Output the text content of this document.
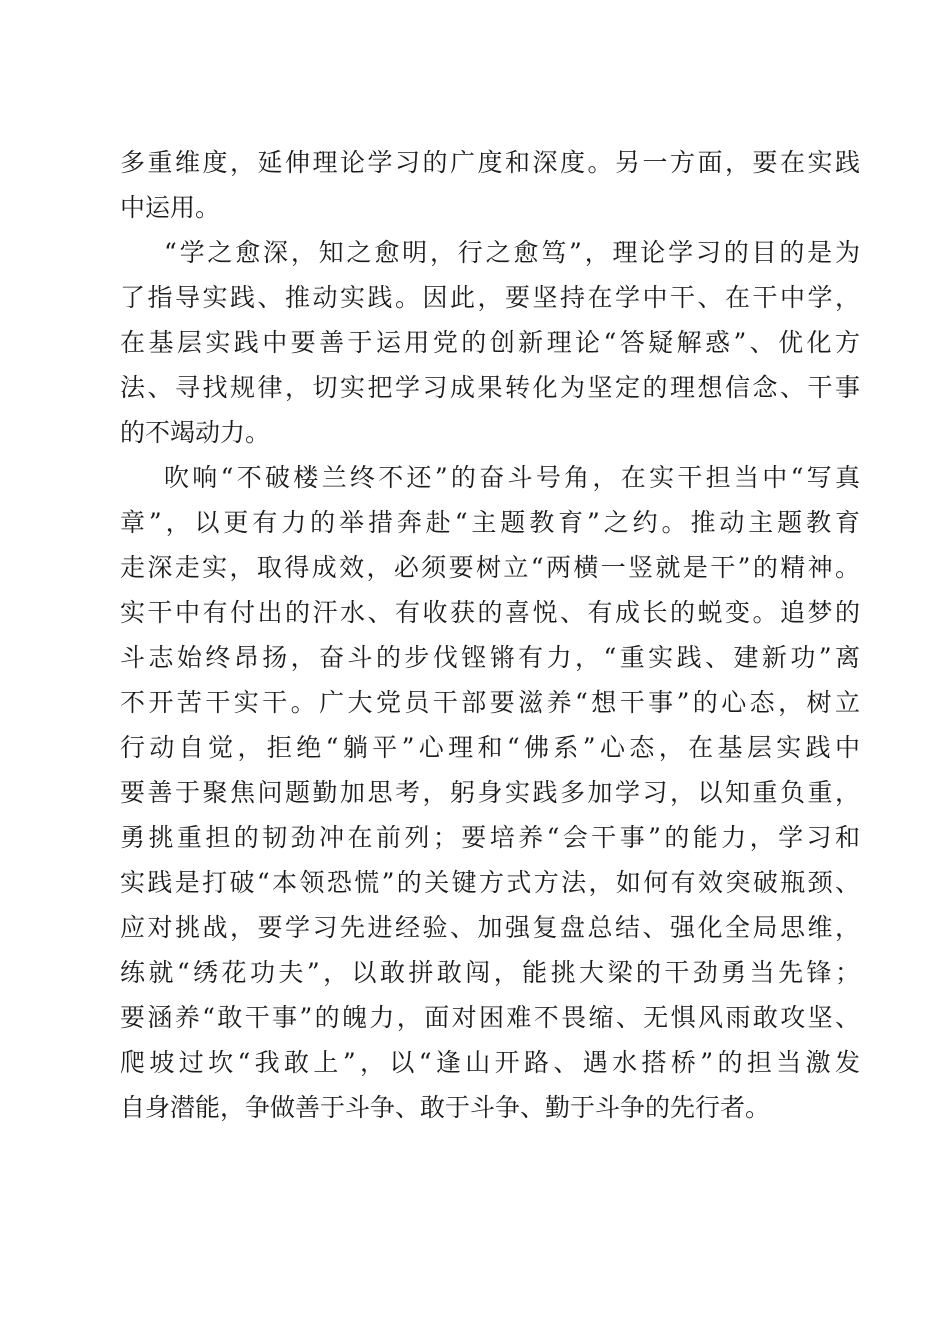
多重维度，延伸理论学习的广度和深度。另一方面，要在实践
中运用。
“学之愈深，知之愈明，行之愈笃”，理论学习的目的是为
了指导实践、推动实践。因此，要坚持在学中干、在干中学，
在基层实践中要善于运用党的创新理论“答疑解惑”、优化方
法、寻找规律，切实把学习成果转化为坚定的理想信念、干事
的不竭动力。
吹响“不破楼兰终不还”的奋斗号角，在实干担当中“写真
章”，以更有力的举措奔赴“主题教育”之约。推动主题教育
走深走实，取得成效，必须要树立“两横一竖就是干”的精神。
实干中有付出的汗水、有收获的喜悦、有成长的蜕变。追梦的
斗志始终昂扬，奋斗的步伐铿锵有力，“重实践、建新功”离
不开苦干实干。广大党员干部要滋养“想干事”的心态，树立
行动自觉，拒绝“躺平”心理和“佛系”心态，在基层实践中
要善于聚焦问题勤加思考，躬身实践多加学习，以知重负重，
勇挑重担的韧劲冲在前列；要培养“会干事”的能力，学习和
实践是打破“本领恐慌”的关键方式方法，如何有效突破瓶颈、
应对挑战，要学习先进经验、加强复盘总结、强化全局思维，
练就“绣花功夫”，以敢拼敢闯，能挑大梁的干劲勇当先锋；
要涵养“敢干事”的魄力，面对困难不畏缩、无惧风雨敢攻坚、
爬坡过坎“我敢上”，以“逢山开路、遇水搭桥”的担当激发
自身潜能，争做善于斗争、敢于斗争、勤于斗争的先行者。
